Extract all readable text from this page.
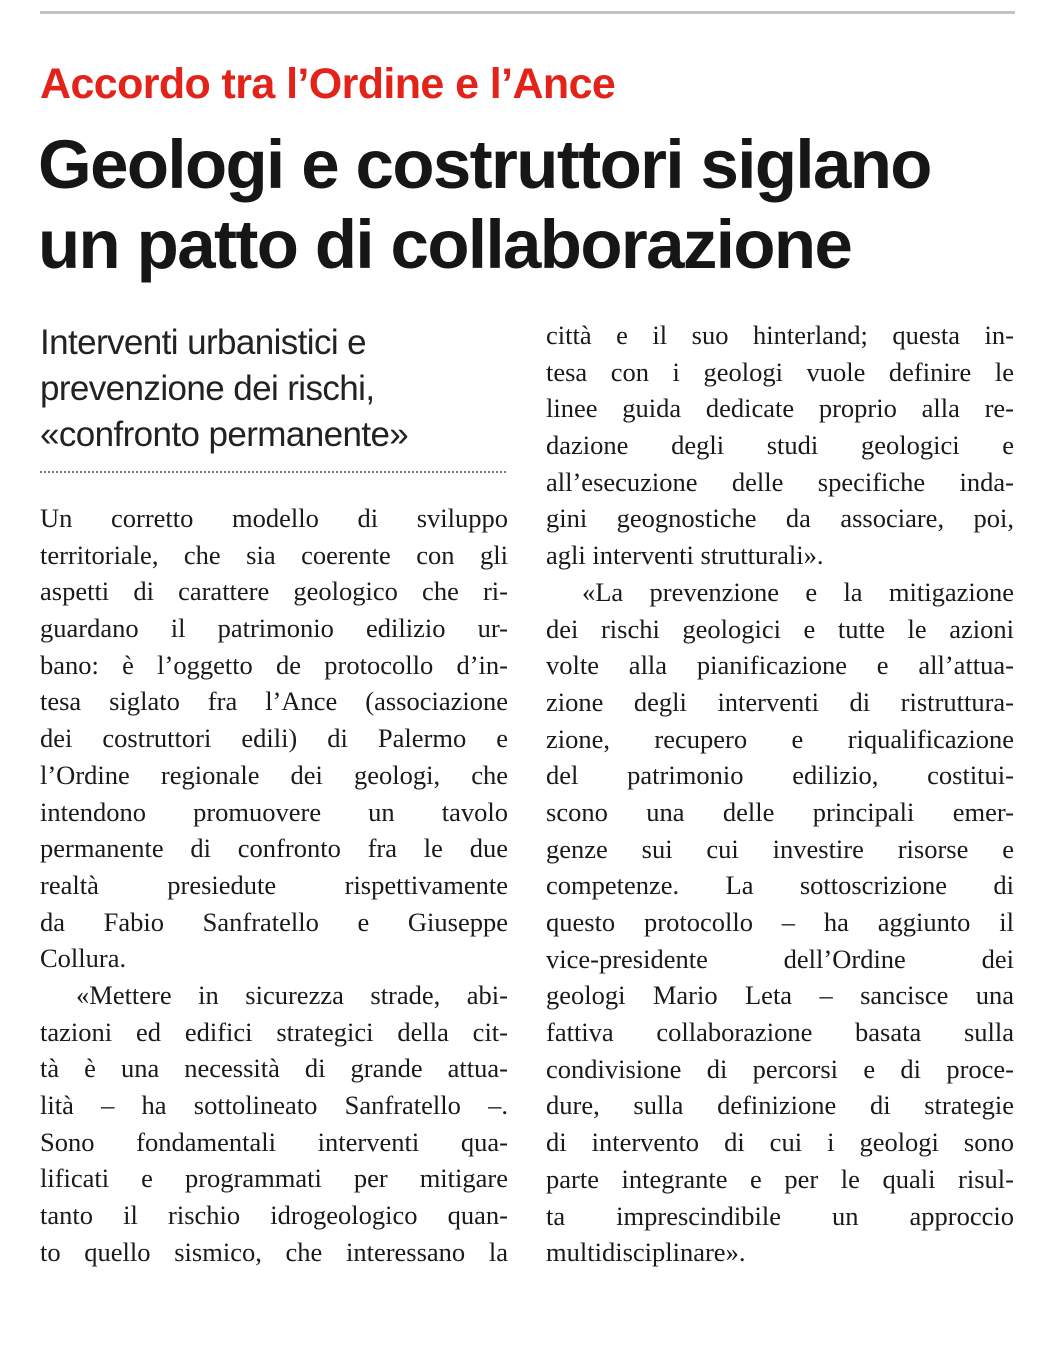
Accordo tra l’Ordine e l’Ance
Geologi e costruttori siglano
un patto di collaborazione
Interventi urbanistici e
prevenzione dei rischi,
«confronto permanente»
Un corretto modello di sviluppo
territoriale, che sia coerente con gli
aspetti di carattere geologico che ri-
guardano il patrimonio edilizio ur-
bano: è l’oggetto de protocollo d’in-
tesa siglato fra l’Ance (associazione
dei costruttori edili) di Palermo e
l’Ordine regionale dei geologi, che
intendono promuovere un tavolo
permanente di confronto fra le due
realtà presiedute rispettivamente
da Fabio Sanfratello e Giuseppe
Collura.
«Mettere in sicurezza strade, abi-
tazioni ed edifici strategici della cit-
tà è una necessità di grande attua-
lità – ha sottolineato Sanfratello –.
Sono fondamentali interventi qua-
lificati e programmati per mitigare
tanto il rischio idrogeologico quan-
to quello sismico, che interessano la
città e il suo hinterland; questa in-
tesa con i geologi vuole definire le
linee guida dedicate proprio alla re-
dazione degli studi geologici e
all’esecuzione delle specifiche inda-
gini geognostiche da associare, poi,
agli interventi strutturali».
«La prevenzione e la mitigazione
dei rischi geologici e tutte le azioni
volte alla pianificazione e all’attua-
zione degli interventi di ristruttura-
zione, recupero e riqualificazione
del patrimonio edilizio, costitui-
scono una delle principali emer-
genze sui cui investire risorse e
competenze. La sottoscrizione di
questo protocollo – ha aggiunto il
vice-presidente dell’Ordine dei
geologi Mario Leta – sancisce una
fattiva collaborazione basata sulla
condivisione di percorsi e di proce-
dure, sulla definizione di strategie
di intervento di cui i geologi sono
parte integrante e per le quali risul-
ta imprescindibile un approccio
multidisciplinare».
